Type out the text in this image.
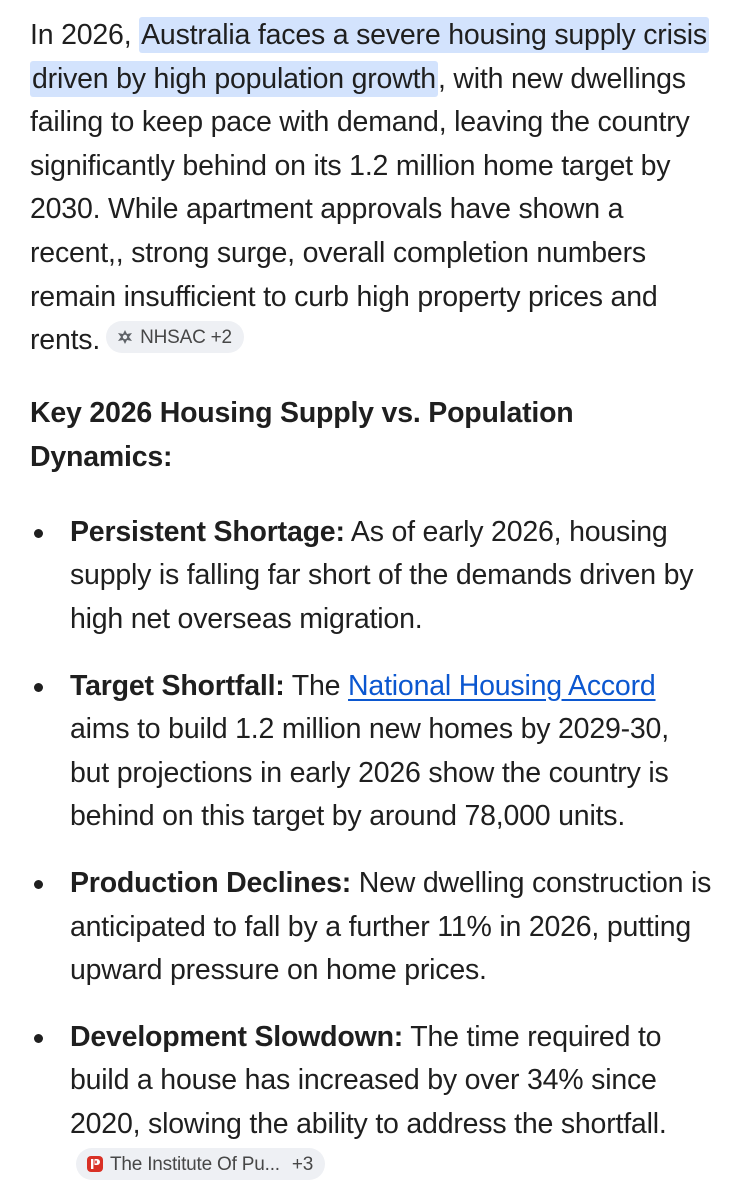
In 2026, Australia faces a severe housing supply crisis driven by high population growth, with new dwellings failing to keep pace with demand, leaving the country significantly behind on its 1.2 million home target by 2030. While apartment approvals have shown a recent,, strong surge, overall completion numbers remain insufficient to curb high property prices and rents. NHSAC +2

Key 2026 Housing Supply vs. Population Dynamics:
Persistent Shortage: As of early 2026, housing supply is falling far short of the demands driven by high net overseas migration.
Target Shortfall: The National Housing Accord aims to build 1.2 million new homes by 2029-30, but projections in early 2026 show the country is behind on this target by around 78,000 units.
Production Declines: New dwelling construction is anticipated to fall by a further 11% in 2026, putting upward pressure on home prices.
Development Slowdown: The time required to build a house has increased by over 34% since 2020, slowing the ability to address the shortfall.
The Institute Of Pu... +3
